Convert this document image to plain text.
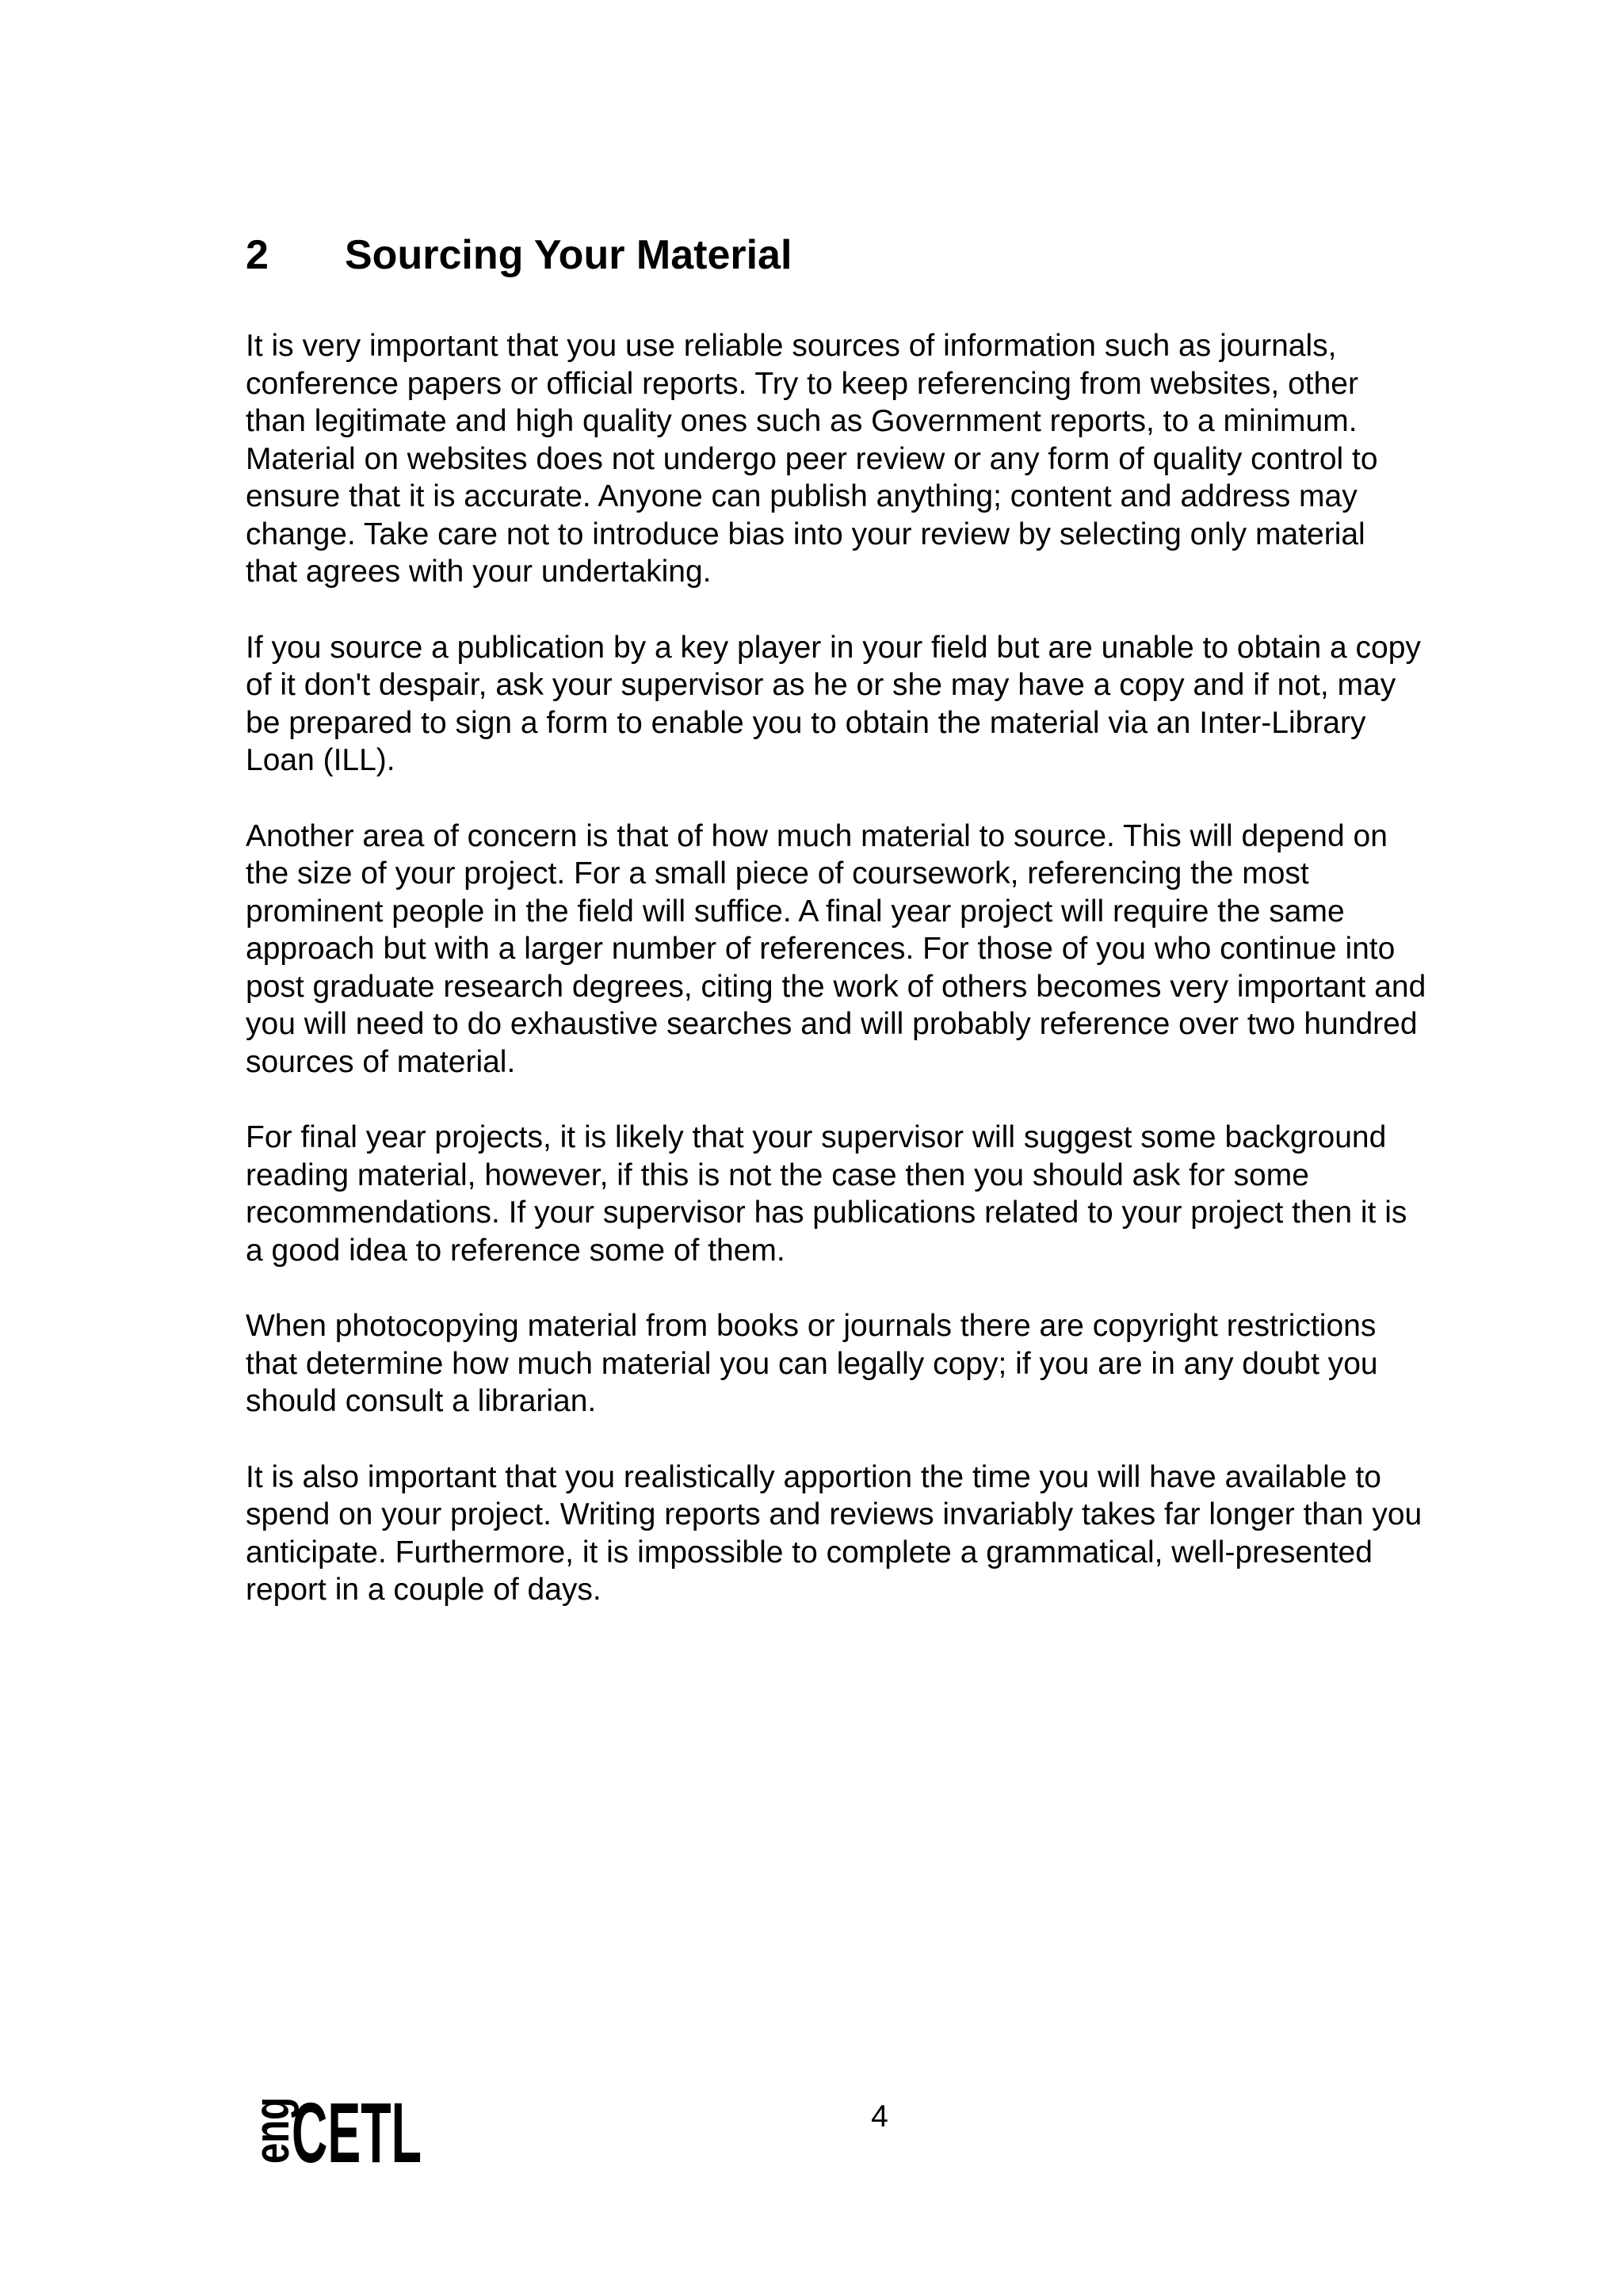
2	Sourcing Your Material

It is very important that you use reliable sources of information such as journals,
conference papers or official reports. Try to keep referencing from websites, other
than legitimate and high quality ones such as Government reports, to a minimum.
Material on websites does not undergo peer review or any form of quality control to
ensure that it is accurate. Anyone can publish anything; content and address may
change. Take care not to introduce bias into your review by selecting only material
that agrees with your undertaking.

If you source a publication by a key player in your field but are unable to obtain a copy
of it don't despair, ask your supervisor as he or she may have a copy and if not, may
be prepared to sign a form to enable you to obtain the material via an Inter-Library
Loan (ILL).

Another area of concern is that of how much material to source. This will depend on
the size of your project. For a small piece of coursework, referencing the most
prominent people in the field will suffice. A final year project will require the same
approach but with a larger number of references. For those of you who continue into
post graduate research degrees, citing the work of others becomes very important and
you will need to do exhaustive searches and will probably reference over two hundred
sources of material.

For final year projects, it is likely that your supervisor will suggest some background
reading material, however, if this is not the case then you should ask for some
recommendations. If your supervisor has publications related to your project then it is
a good idea to reference some of them.

When photocopying material from books or journals there are copyright restrictions
that determine how much material you can legally copy; if you are in any doubt you
should consult a librarian.

It is also important that you realistically apportion the time you will have available to
spend on your project. Writing reports and reviews invariably takes far longer than you
anticipate. Furthermore, it is impossible to complete a grammatical, well-presented
report in a couple of days.

eng
CETL	4
